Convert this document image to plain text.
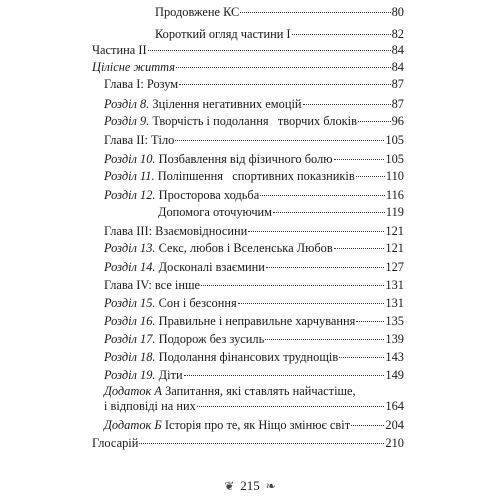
Продовжене КС	80
Короткий огляд частини І	82
Частина ІІ	84
Цілісне життя	84
Глава І: Розум	87
Розділ 8. Зцілення негативних емоцій	87
Розділ 9. Творчість і подолання   творчих блоків	96
Глава ІІ: Тіло	105
Розділ 10. Позбавлення від фізичного болю	105
Розділ 11. Поліпшення   спортивних показників	110
Розділ 12. Просторова ходьба	116
Допомога оточуючим	119
Глава ІІІ: Взаємовідносини	121
Розділ 13. Секс, любов і Вселенська Любов	121
Розділ 14. Досконалі взаємини	127
Глава IV: все інше	131
Розділ 15. Сон і безсоння	131
Розділ 16. Правильне і неправильне харчування 135
Розділ 17. Подорож без зусиль	139
Розділ 18. Подолання фінансових труднощів	143
Розділ 19. Діти	149
Додаток А Запитання, які ставлять найчастіше,
і відповіді на них	164
Додаток Б Історія про те, як Ніщо змінює світ	204
Глосарій	210
❦ 215 ❧
